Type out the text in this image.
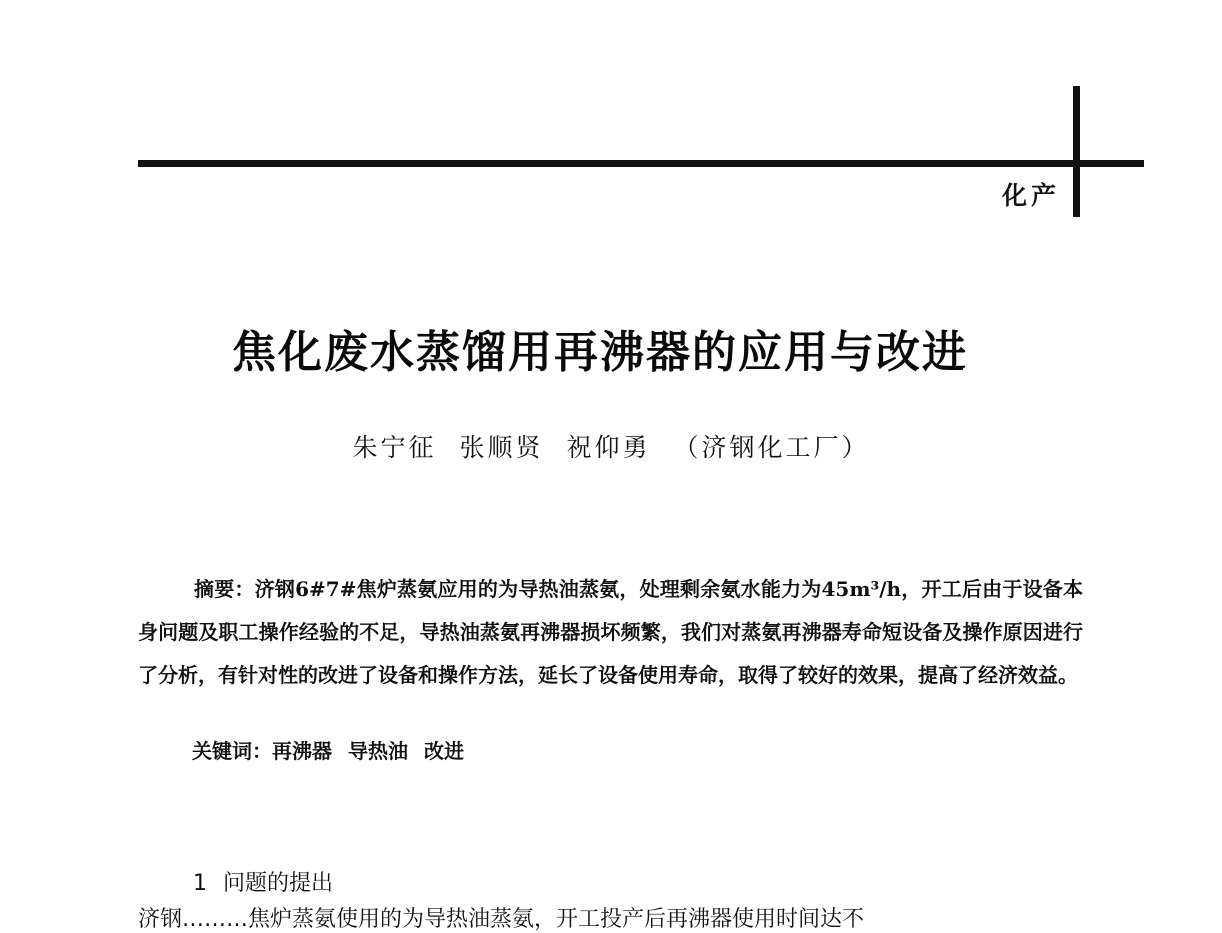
化产
焦化废水蒸馏用再沸器的应用与改进
朱宁征 张顺贤 祝仰勇 （济钢化工厂）
摘要：济钢6#7#焦炉蒸氨应用的为导热油蒸氨，处理剩余氨水能力为45m³/h，开工后由于设备本身问题及职工操作经验的不足，导热油蒸氨再沸器损坏频繁，我们对蒸氨再沸器寿命短设备及操作原因进行了分析，有针对性的改进了设备和操作方法，延长了设备使用寿命，取得了较好的效果，提高了经济效益。
关键词：再沸器 导热油 改进
1 问题的提出
济钢………焦炉蒸氨使用的为导热油蒸氨，开工投产后再沸器使用时间达不
